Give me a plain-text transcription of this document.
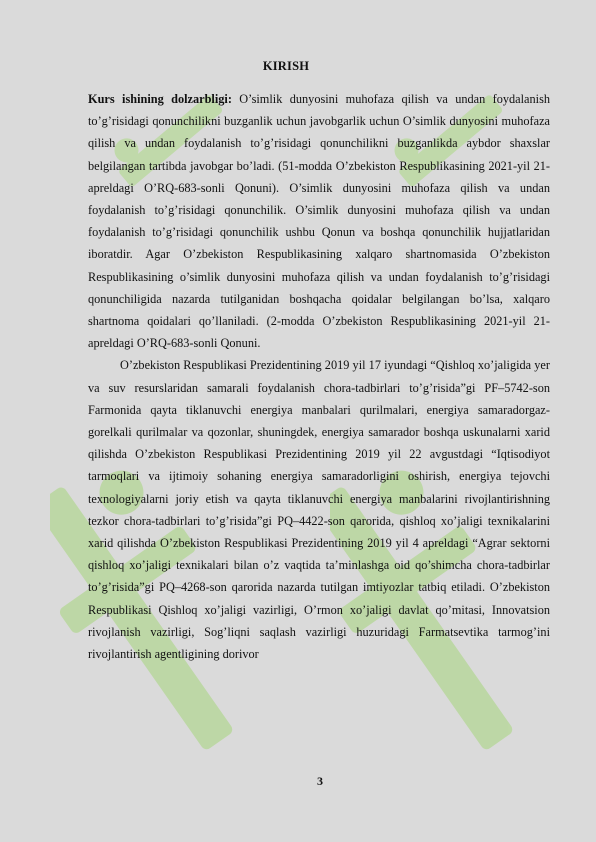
KIRISH

Kurs ishining dolzarbligi: O’simlik dunyosini muhofaza qilish va undan foydalanish to’g’risidagi qonunchilikni buzganlik uchun javobgarlik uchun O’simlik dunyosini muhofaza qilish va undan foydalanish to’g’risidagi qonunchilikni buzganlikda aybdor shaxslar belgilangan tartibda javobgar bo’ladi. (51-modda O’zbekiston Respublikasining 2021-yil 21-apreldagi O’RQ-683-sonli Qonuni). O’simlik dunyosini muhofaza qilish va undan foydalanish to’g’risidagi qonunchilik. O’simlik dunyosini muhofaza qilish va undan foydalanish to’g’risidagi qonunchilik ushbu Qonun va boshqa qonunchilik hujjatlaridan iboratdir. Agar O’zbekiston Respublikasining xalqaro shartnomasida O’zbekiston Respublikasining o’simlik dunyosini muhofaza qilish va undan foydalanish to’g’risidagi qonunchiligida nazarda tutilganidan boshqacha qoidalar belgilangan bo’lsa, xalqaro shartnoma qoidalari qo’llaniladi. (2-modda O’zbekiston Respublikasining 2021-yil 21-apreldagi O’RQ-683-sonli Qonuni.

O’zbekiston Respublikasi Prezidentining 2019 yil 17 iyundagi “Qishloq xo’jaligida yer va suv resurslaridan samarali foydalanish chora-tadbirlari to’g’risida”gi PF–5742-son Farmonida qayta tiklanuvchi energiya manbalari qurilmalari, energiya samaradorgaz-gorelkali qurilmalar va qozonlar, shuningdek, energiya samarador boshqa uskunalarni xarid qilishda O’zbekiston Respublikasi Prezidentining 2019 yil 22 avgustdagi “Iqtisodiyot tarmoqlari va ijtimoiy sohaning energiya samaradorligini oshirish, energiya tejovchi texnologiyalarni joriy etish va qayta tiklanuvchi energiya manbalarini rivojlantirishning tezkor chora-tadbirlari to’g’risida”gi PQ–4422-son qarorida, qishloq xo’jaligi texnikalarini xarid qilishda O’zbekiston Respublikasi Prezidentining 2019 yil 4 apreldagi “Agrar sektorni qishloq xo’jaligi texnikalari bilan o’z vaqtida ta’minlashga oid qo’shimcha chora-tadbirlar to’g’risida”gi PQ–4268-son qarorida nazarda tutilgan imtiyozlar tatbiq etiladi. O’zbekiston Respublikasi Qishloq xo’jaligi vazirligi, O’rmon xo’jaligi davlat qo’mitasi, Innovatsion rivojlanish vazirligi, Sog’liqni saqlash vazirligi huzuridagi Farmatsevtika tarmog’ini rivojlantirish agentligining dorivor

3
